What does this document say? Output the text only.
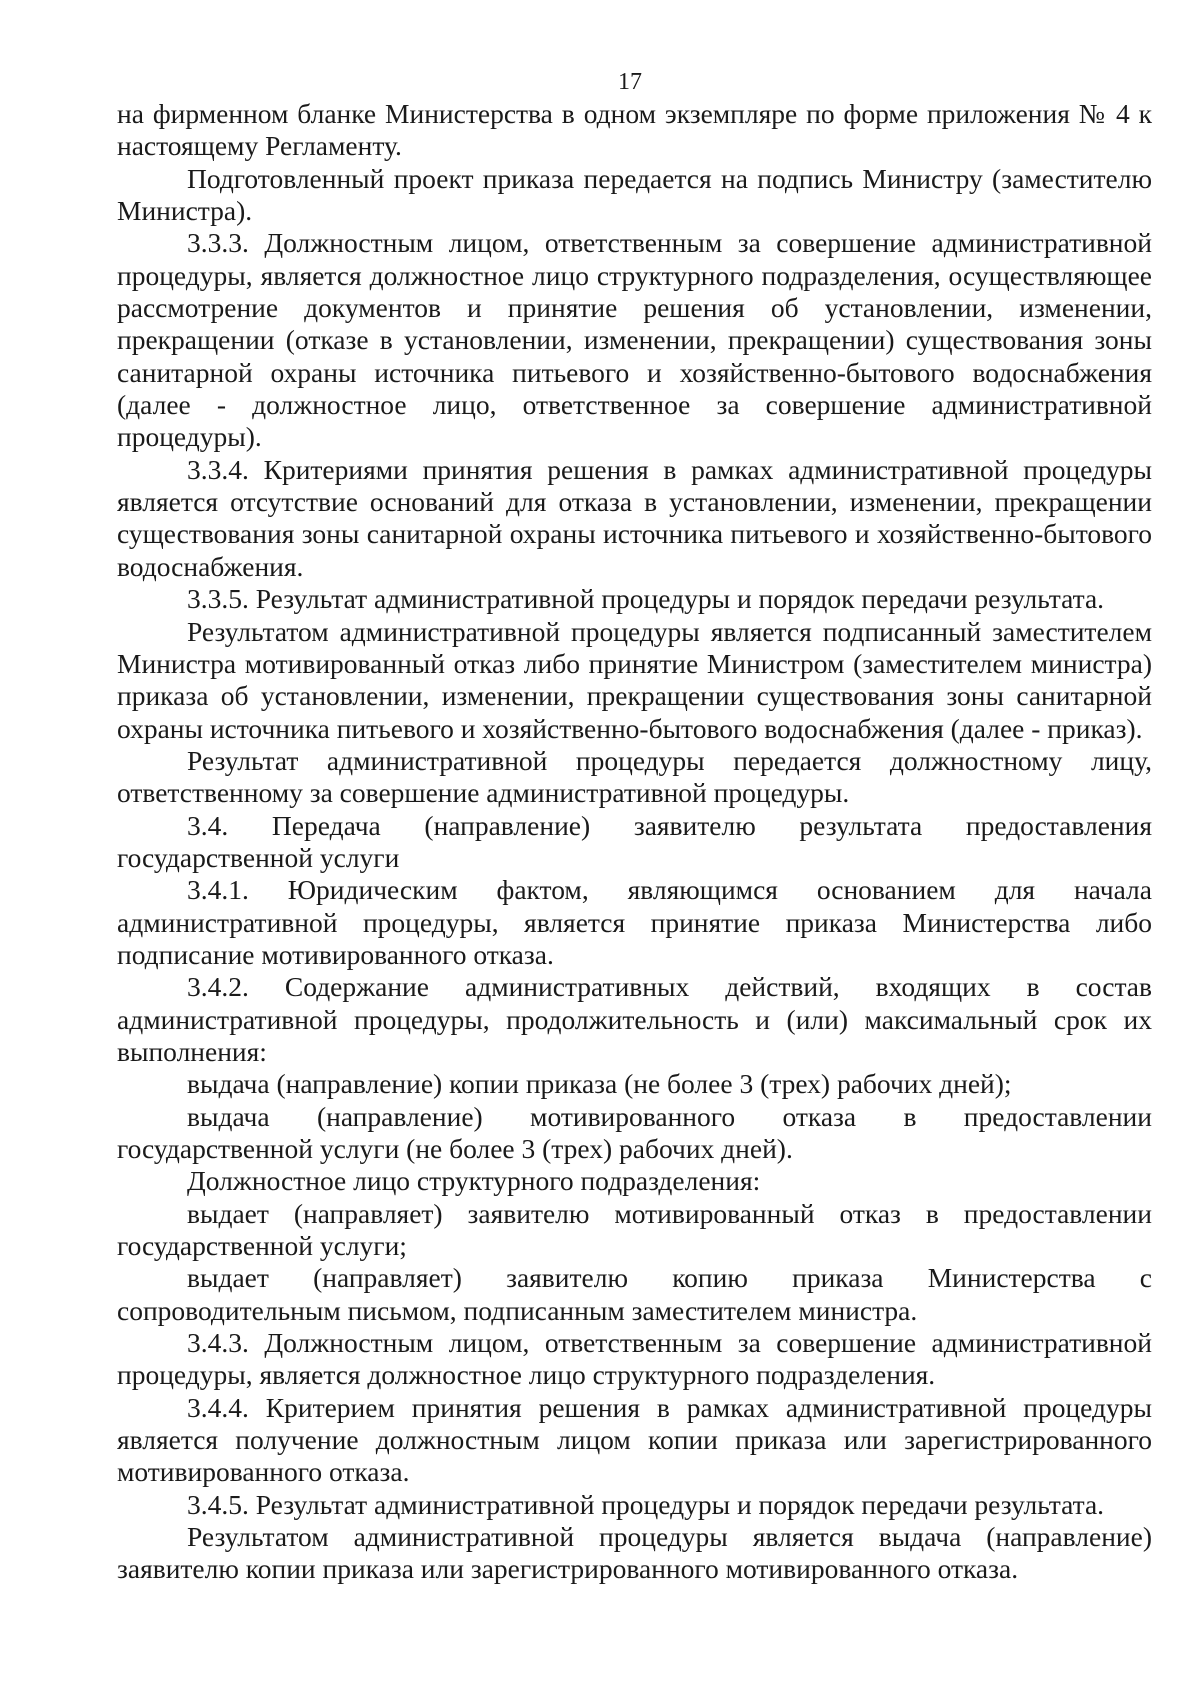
17

на фирменном бланке Министерства в одном экземпляре по форме приложения № 4 к настоящему Регламенту.

Подготовленный проект приказа передается на подпись Министру (заместителю Министра).

3.3.3. Должностным лицом, ответственным за совершение административной процедуры, является должностное лицо структурного подразделения, осуществляющее рассмотрение документов и принятие решения об установлении, изменении, прекращении (отказе в установлении, изменении, прекращении) существования зоны санитарной охраны источника питьевого и хозяйственно-бытового водоснабжения (далее - должностное лицо, ответственное за совершение административной процедуры).

3.3.4. Критериями принятия решения в рамках административной процедуры является отсутствие оснований для отказа в установлении, изменении, прекращении существования зоны санитарной охраны источника питьевого и хозяйственно-бытового водоснабжения.

3.3.5. Результат административной процедуры и порядок передачи результата.

Результатом административной процедуры является подписанный заместителем Министра мотивированный отказ либо принятие Министром (заместителем министра) приказа об установлении, изменении, прекращении существования зоны санитарной охраны источника питьевого и хозяйственно-бытового водоснабжения (далее - приказ).

Результат административной процедуры передается должностному лицу, ответственному за совершение административной процедуры.

3.4. Передача (направление) заявителю результата предоставления государственной услуги

3.4.1. Юридическим фактом, являющимся основанием для начала административной процедуры, является принятие приказа Министерства либо подписание мотивированного отказа.

3.4.2. Содержание административных действий, входящих в состав административной процедуры, продолжительность и (или) максимальный срок их выполнения:

выдача (направление) копии приказа (не более 3 (трех) рабочих дней);

выдача (направление) мотивированного отказа в предоставлении государственной услуги (не более 3 (трех) рабочих дней).

Должностное лицо структурного подразделения:

выдает (направляет) заявителю мотивированный отказ в предоставлении государственной услуги;

выдает (направляет) заявителю копию приказа Министерства с сопроводительным письмом, подписанным заместителем министра.

3.4.3. Должностным лицом, ответственным за совершение административной процедуры, является должностное лицо структурного подразделения.

3.4.4. Критерием принятия решения в рамках административной процедуры является получение должностным лицом копии приказа или зарегистрированного мотивированного отказа.

3.4.5. Результат административной процедуры и порядок передачи результата.

Результатом административной процедуры является выдача (направление) заявителю копии приказа или зарегистрированного мотивированного отказа.
